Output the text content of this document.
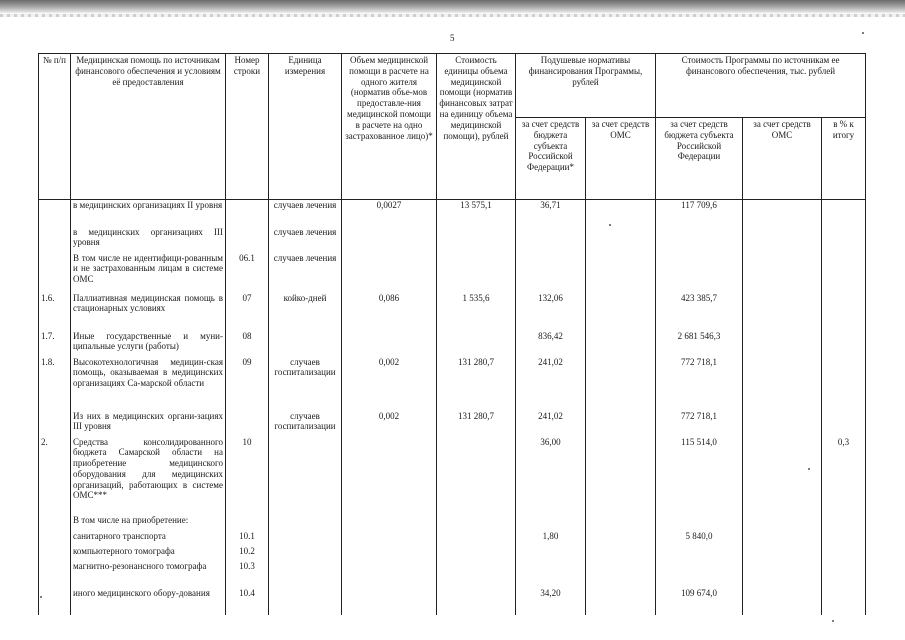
5
№ п/п	Медицинская помощь по источникам финансового обеспечения и условиям её предоставления	Номер строки	Единица измерения	Объем медицинской помощи в расчете на одного жителя (норматив объе-мов предоставле-ния медицинской помощи в расчете на одно застрахованное лицо)*	Стоимость единицы объема медицинской помощи (норматив финансовых затрат на единицу объема медицинской помощи), рублей	Подушевые нормативы финансирования Программы, рублей		Стоимость Программы по источникам ее финансового обеспечения, тыс. рублей		
						за счет средств бюджета субъекта Российской Федерации*	за счет средств ОМС	за счет средств бюджета субъекта Российской Федерации	за счет средств ОМС	в % к итогу
	в медицинских организациях II уровня		случаев лечения	0,0027	13 575,1	36,71		117 709,6		
	в медицинских организациях III уровня		случаев лечения							
	В том числе не идентифици-рованным и не застрахованным лицам в системе ОМС	06.1	случаев лечения							
1.6.	Паллиативная медицинская помощь в стационарных условиях	07	койко-дней	0,086	1 535,6	132,06		423 385,7		
1.7.	Иные государственные и муни-ципальные услуги (работы)	08				836,42		2 681 546,3		
1.8.	Высокотехнологичная медицин-ская помощь, оказываемая в медицинских организациях Са-марской области	09	случаев госпитализации	0,002	131 280,7	241,02		772 718,1		
	Из них в медицинских органи-зациях III уровня		случаев госпитализации	0,002	131 280,7	241,02		772 718,1		
2.	Средства консолидированного бюджета Самарской области на приобретение медицинского оборудования для медицинских организаций, работающих в системе ОМС***	10				36,00		115 514,0		0,3
	В том числе на приобретение:									
	санитарного транспорта	10.1				1,80		5 840,0		
	компьютерного томографа	10.2								
	магнитно-резонансного томографа	10.3								
	иного медицинского обору-дования	10.4				34,20		109 674,0		
